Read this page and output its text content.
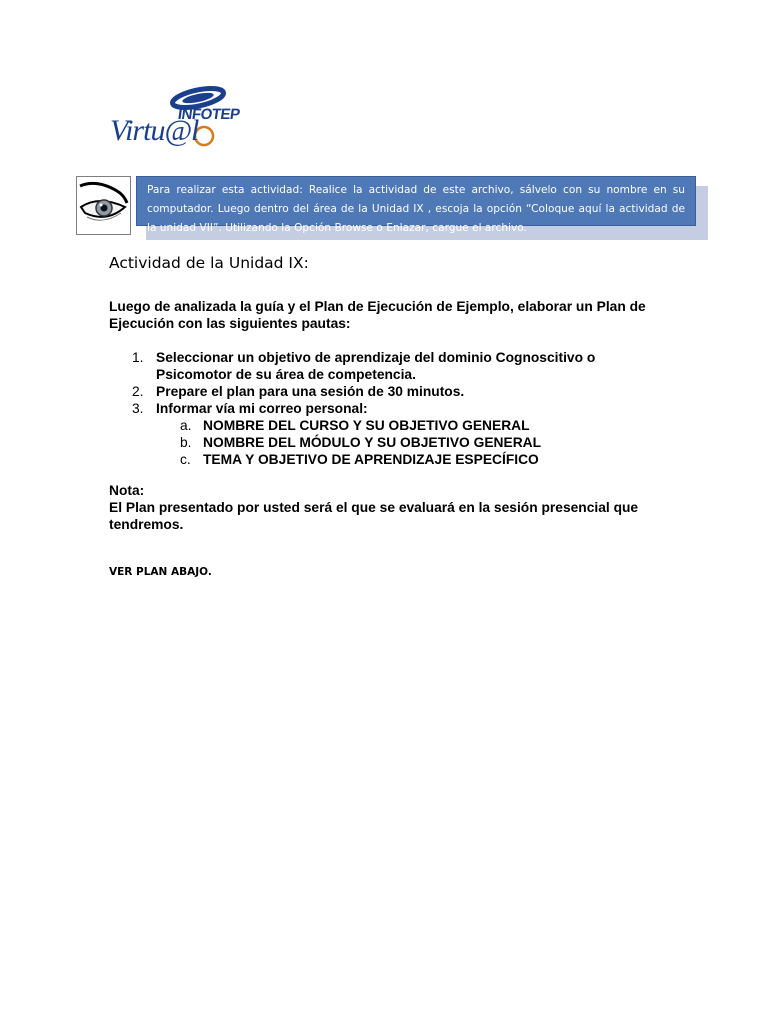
INFOTEP
Virtu@l

Para realizar esta actividad: Realice la actividad de este archivo, sálvelo con su nombre en su computador. Luego dentro del área de la Unidad IX , escoja la opción “Coloque aquí la actividad de la unidad VII”. Utilizando la Opción Browse o Enlazar, cargue el archivo.

Actividad de la Unidad IX:

Luego de analizada la guía y el Plan de Ejecución de Ejemplo, elaborar un Plan de Ejecución con las siguientes pautas:

1. Seleccionar un objetivo de aprendizaje del dominio Cognoscitivo o Psicomotor de su área de competencia.
2. Prepare el plan para una sesión de 30 minutos.
3. Informar vía mi correo personal:
a. NOMBRE DEL CURSO Y SU OBJETIVO GENERAL
b. NOMBRE DEL MÓDULO Y SU OBJETIVO GENERAL
c. TEMA Y OBJETIVO DE APRENDIZAJE ESPECÍFICO
Nota:
El Plan presentado por usted será el que se evaluará en la sesión presencial que tendremos.

VER PLAN ABAJO.
